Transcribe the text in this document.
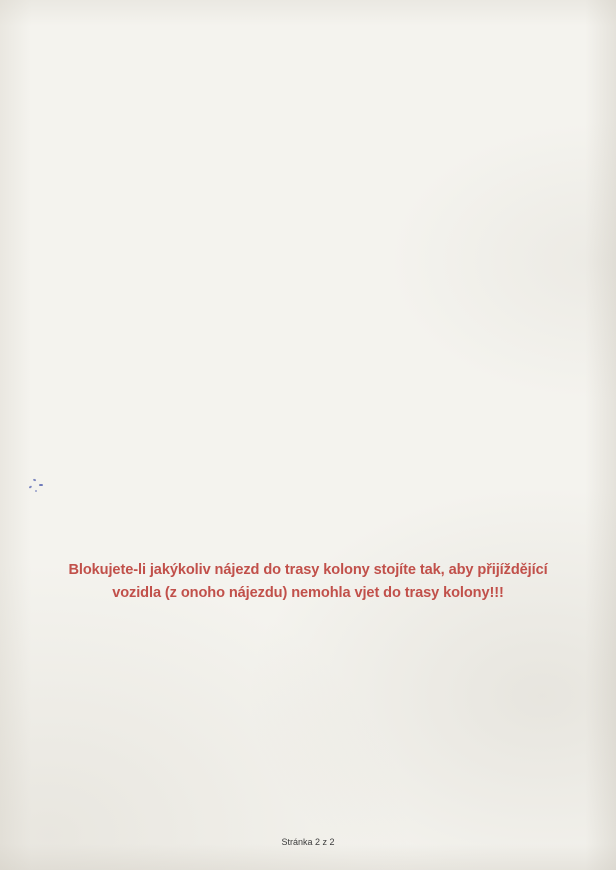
Blokujete-li jakýkoliv nájezd do trasy kolony stojíte tak, aby přijíždějící
vozidla (z onoho nájezdu) nemohla vjet do trasy kolony!!!
Stránka 2 z 2
